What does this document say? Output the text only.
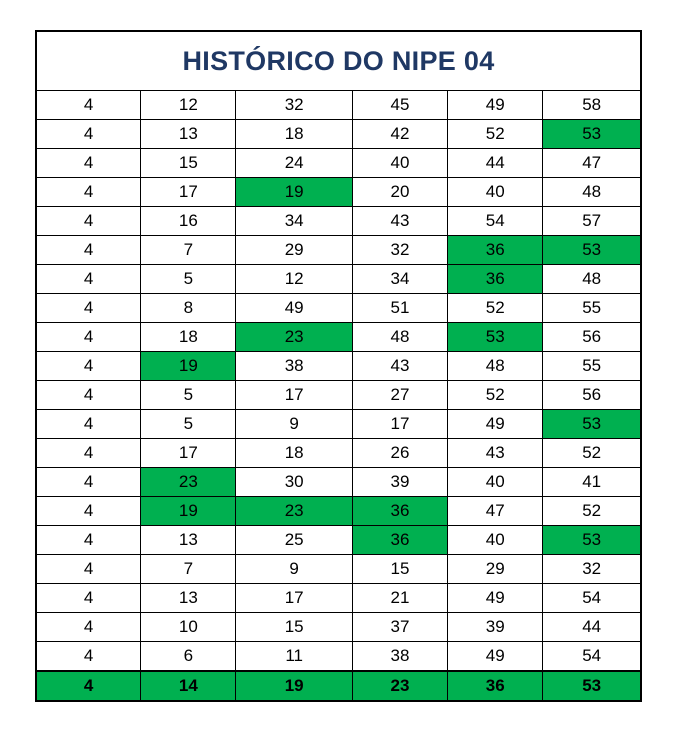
HISTÓRICO DO NIPE 04
4	12	32	45	49	58
4	13	18	42	52	53
4	15	24	40	44	47
4	17	19	20	40	48
4	16	34	43	54	57
4	7	29	32	36	53
4	5	12	34	36	48
4	8	49	51	52	55
4	18	23	48	53	56
4	19	38	43	48	55
4	5	17	27	52	56
4	5	9	17	49	53
4	17	18	26	43	52
4	23	30	39	40	41
4	19	23	36	47	52
4	13	25	36	40	53
4	7	9	15	29	32
4	13	17	21	49	54
4	10	15	37	39	44
4	6	11	38	49	54
4	14	19	23	36	53
